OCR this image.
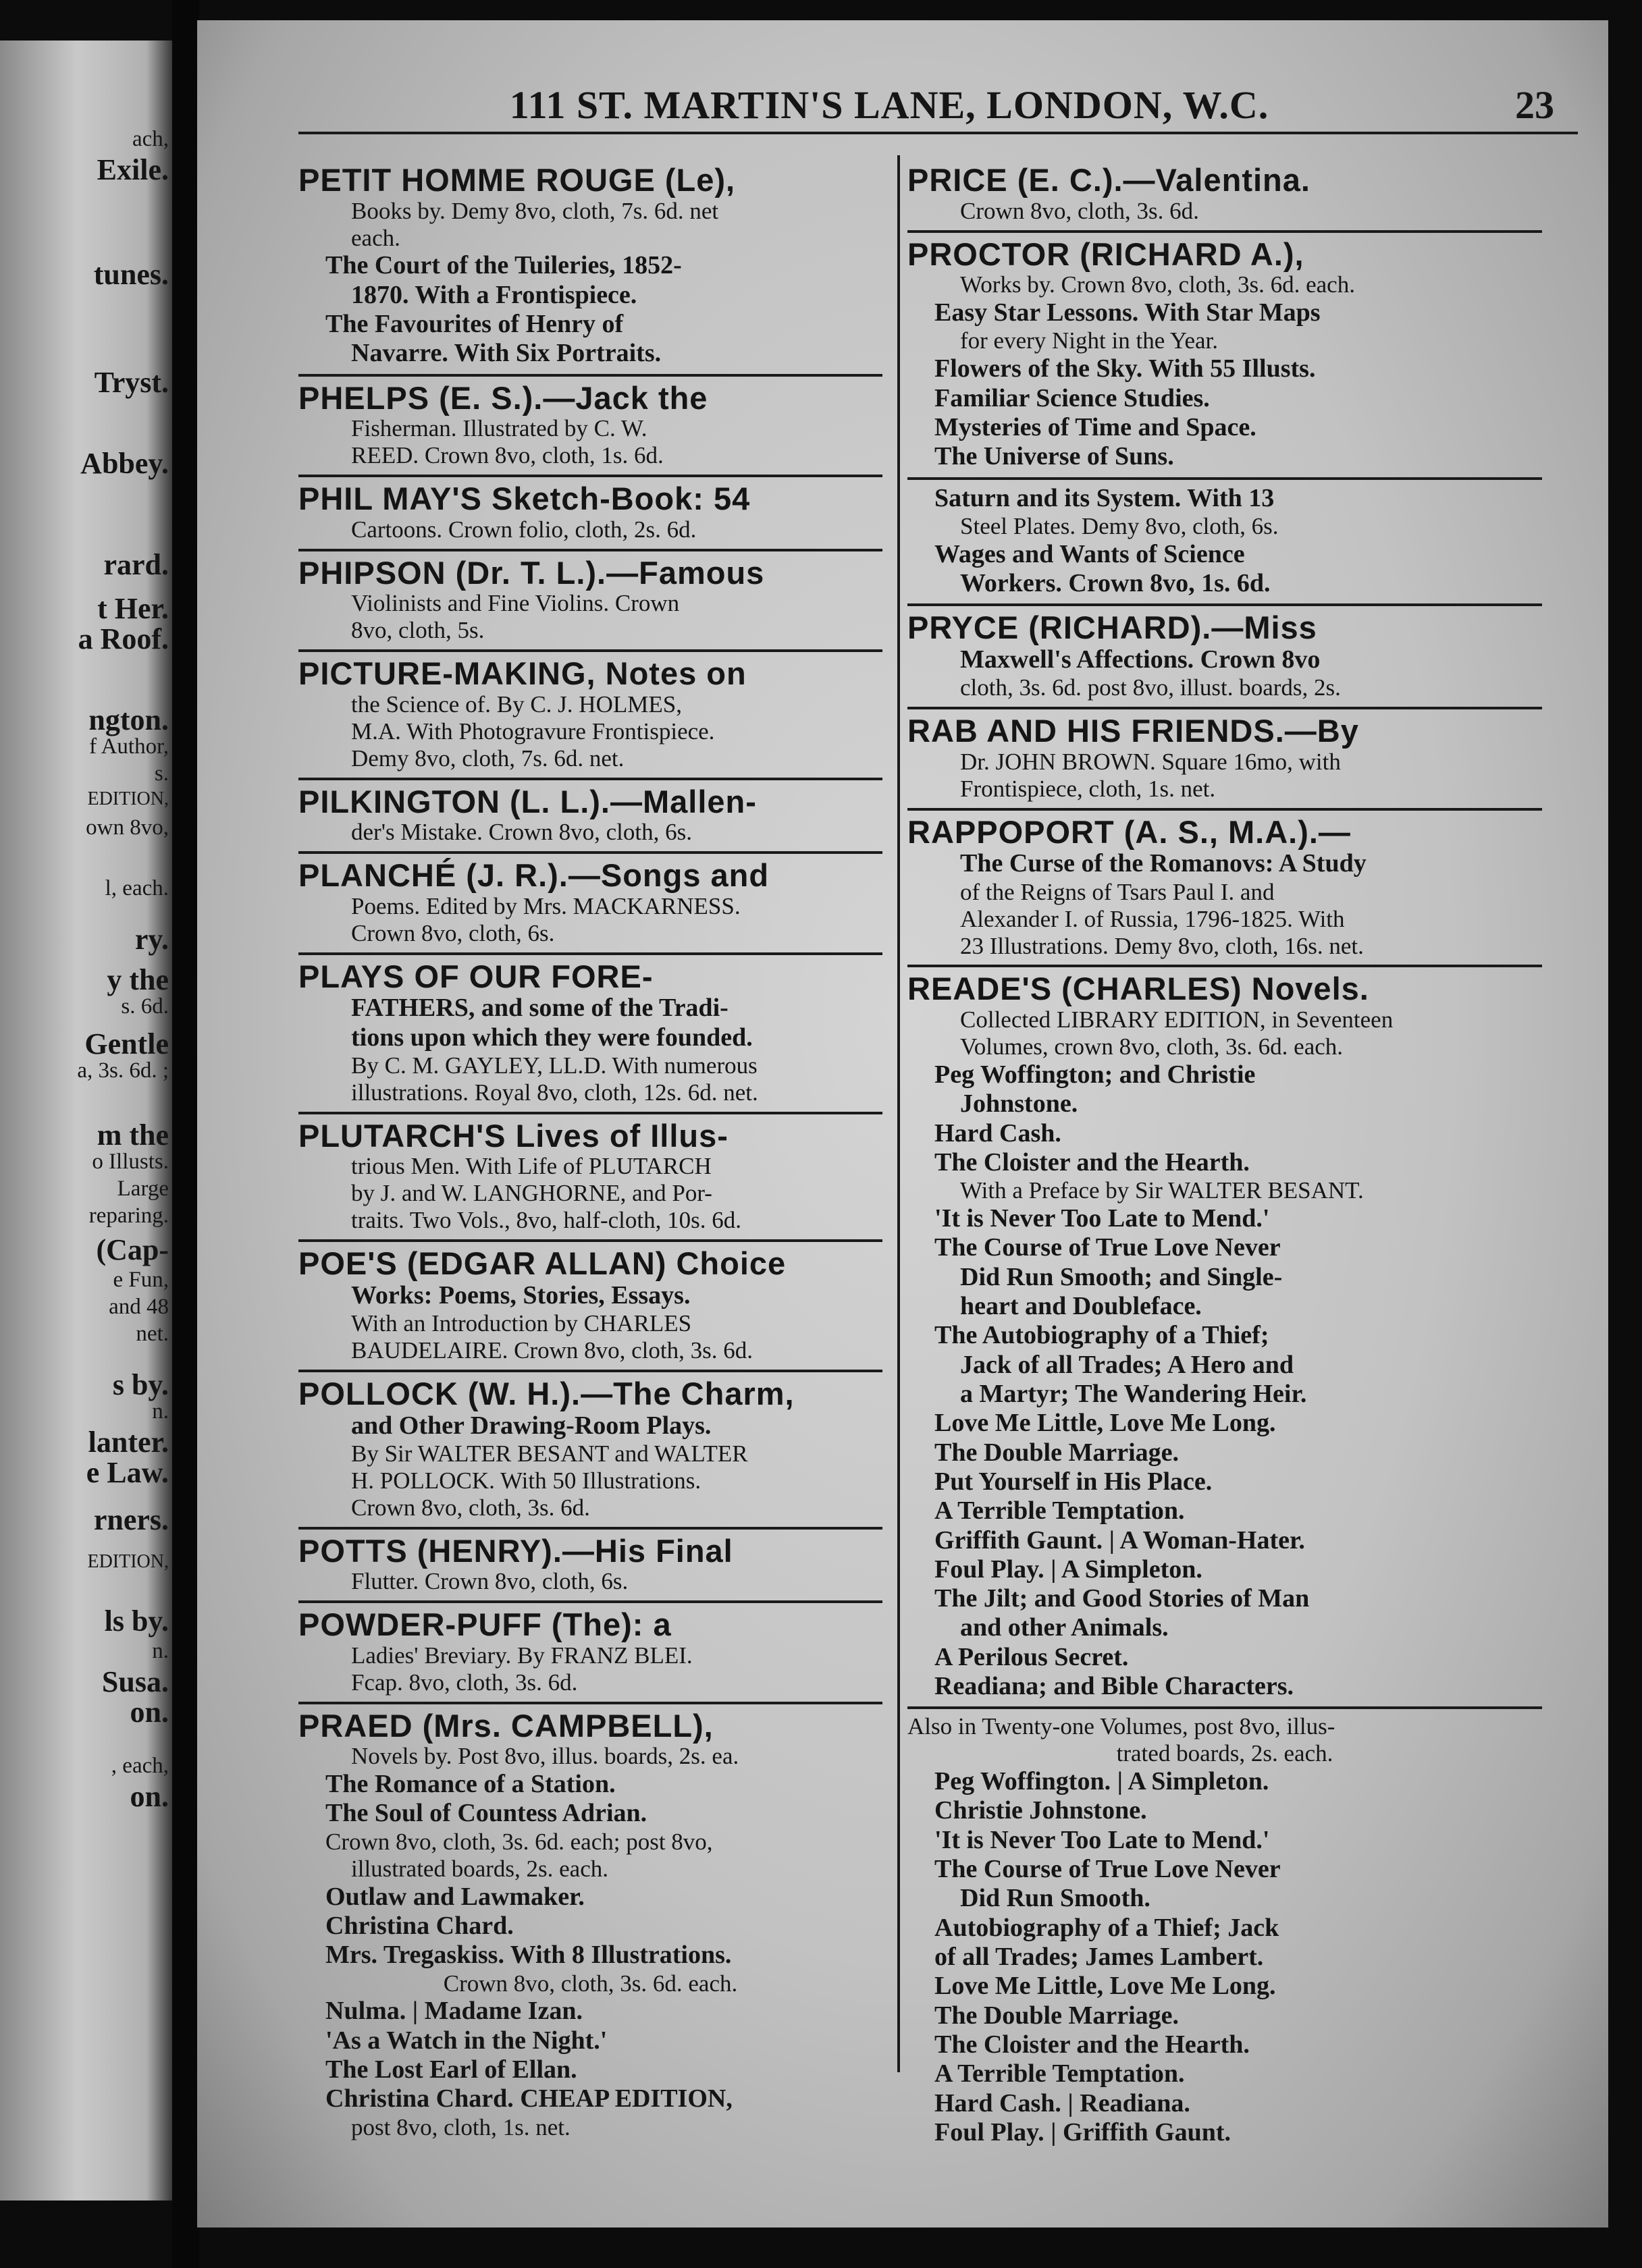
ach,
Exile.
tunes.
Tryst.
Abbey.
rard.
t Her.
a Roof.
ngton.
f Author,
s.
EDITION,
own 8vo,
l, each.
ry.
y the
s. 6d.
Gentle
a, 3s. 6d. ;
m the
o Illusts.
Large
reparing.
(Cap-
e Fun,
and 48
net.
s by.
n.
lanter.
e Law.
rners.
EDITION,
ls by.
n.
Susa.
on.
, each,
on.
111 ST. MARTIN'S LANE, LONDON, W.C.	23
PETIT HOMME ROUGE (Le),
Books by. Demy 8vo, cloth, 7s. 6d. net
each.
The Court of the Tuileries, 1852-
1870. With a Frontispiece.
The Favourites of Henry of
Navarre. With Six Portraits.
PHELPS (E. S.).—Jack the
Fisherman. Illustrated by C. W.
REED. Crown 8vo, cloth, 1s. 6d.
PHIL MAY'S Sketch-Book: 54
Cartoons. Crown folio, cloth, 2s. 6d.
PHIPSON (Dr. T. L.).—Famous
Violinists and Fine Violins. Crown
8vo, cloth, 5s.
PICTURE-MAKING, Notes on
the Science of. By C. J. HOLMES,
M.A. With Photogravure Frontispiece.
Demy 8vo, cloth, 7s. 6d. net.
PILKINGTON (L. L.).—Mallen-
der's Mistake. Crown 8vo, cloth, 6s.
PLANCHÉ (J. R.).—Songs and
Poems. Edited by Mrs. MACKARNESS.
Crown 8vo, cloth, 6s.
PLAYS OF OUR FORE-
FATHERS, and some of the Tradi-
tions upon which they were founded.
By C. M. GAYLEY, LL.D. With numerous
illustrations. Royal 8vo, cloth, 12s. 6d. net.
PLUTARCH'S Lives of Illus-
trious Men. With Life of PLUTARCH
by J. and W. LANGHORNE, and Por-
traits. Two Vols., 8vo, half-cloth, 10s. 6d.
POE'S (EDGAR ALLAN) Choice
Works: Poems, Stories, Essays.
With an Introduction by CHARLES
BAUDELAIRE. Crown 8vo, cloth, 3s. 6d.
POLLOCK (W. H.).—The Charm,
and Other Drawing-Room Plays.
By Sir WALTER BESANT and WALTER
H. POLLOCK. With 50 Illustrations.
Crown 8vo, cloth, 3s. 6d.
POTTS (HENRY).—His Final
Flutter. Crown 8vo, cloth, 6s.
POWDER-PUFF (The): a
Ladies' Breviary. By FRANZ BLEI.
Fcap. 8vo, cloth, 3s. 6d.
PRAED (Mrs. CAMPBELL),
Novels by. Post 8vo, illus. boards, 2s. ea.
The Romance of a Station.
The Soul of Countess Adrian.
Crown 8vo, cloth, 3s. 6d. each; post 8vo,
illustrated boards, 2s. each.
Outlaw and Lawmaker.
Christina Chard.
Mrs. Tregaskiss. With 8 Illustrations.
Crown 8vo, cloth, 3s. 6d. each.
Nulma. | Madame Izan.
'As a Watch in the Night.'
The Lost Earl of Ellan.
Christina Chard. CHEAP EDITION,
post 8vo, cloth, 1s. net.
PRICE (E. C.).—Valentina.
Crown 8vo, cloth, 3s. 6d.
PROCTOR (RICHARD A.),
Works by. Crown 8vo, cloth, 3s. 6d. each.
Easy Star Lessons. With Star Maps
for every Night in the Year.
Flowers of the Sky. With 55 Illusts.
Familiar Science Studies.
Mysteries of Time and Space.
The Universe of Suns.
Saturn and its System. With 13
Steel Plates. Demy 8vo, cloth, 6s.
Wages and Wants of Science
Workers. Crown 8vo, 1s. 6d.
PRYCE (RICHARD).—Miss
Maxwell's Affections. Crown 8vo
cloth, 3s. 6d. post 8vo, illust. boards, 2s.
RAB AND HIS FRIENDS.—By
Dr. JOHN BROWN. Square 16mo, with
Frontispiece, cloth, 1s. net.
RAPPOPORT (A. S., M.A.).—
The Curse of the Romanovs: A Study
of the Reigns of Tsars Paul I. and
Alexander I. of Russia, 1796-1825. With
23 Illustrations. Demy 8vo, cloth, 16s. net.
READE'S (CHARLES) Novels.
Collected LIBRARY EDITION, in Seventeen
Volumes, crown 8vo, cloth, 3s. 6d. each.
Peg Woffington; and Christie
Johnstone.
Hard Cash.
The Cloister and the Hearth.
With a Preface by Sir WALTER BESANT.
'It is Never Too Late to Mend.'
The Course of True Love Never
Did Run Smooth; and Single-
heart and Doubleface.
The Autobiography of a Thief;
Jack of all Trades; A Hero and
a Martyr; The Wandering Heir.
Love Me Little, Love Me Long.
The Double Marriage.
Put Yourself in His Place.
A Terrible Temptation.
Griffith Gaunt. | A Woman-Hater.
Foul Play. | A Simpleton.
The Jilt; and Good Stories of Man
and other Animals.
A Perilous Secret.
Readiana; and Bible Characters.
Also in Twenty-one Volumes, post 8vo, illus-
trated boards, 2s. each.
Peg Woffington. | A Simpleton.
Christie Johnstone.
'It is Never Too Late to Mend.'
The Course of True Love Never
Did Run Smooth.
Autobiography of a Thief; Jack
of all Trades; James Lambert.
Love Me Little, Love Me Long.
The Double Marriage.
The Cloister and the Hearth.
A Terrible Temptation.
Hard Cash. | Readiana.
Foul Play. | Griffith Gaunt.
